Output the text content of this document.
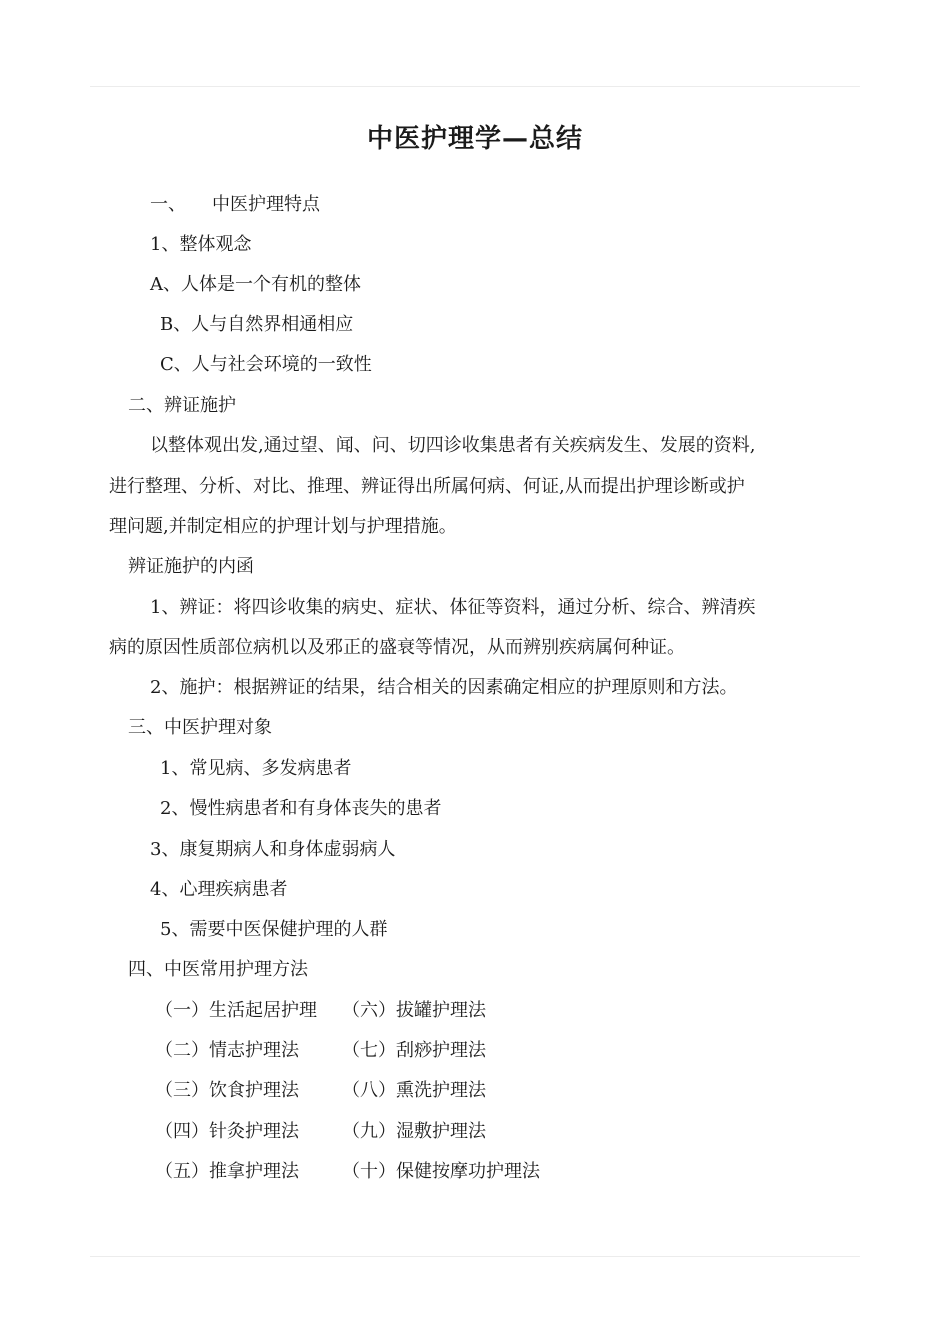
中医护理学—总结
一、 中医护理特点
1、整体观念
A、人体是一个有机的整体
B、人与自然界相通相应
C、人与社会环境的一致性
二、辨证施护
以整体观出发,通过望、闻、问、切四诊收集患者有关疾病发生、发展的资料,
进行整理、分析、对比、推理、辨证得出所属何病、何证,从而提出护理诊断或护
理问题,并制定相应的护理计划与护理措施。
辨证施护的内函
1、辨证：将四诊收集的病史、症状、体征等资料，通过分析、综合、辨清疾
病的原因性质部位病机以及邪正的盛衰等情况，从而辨别疾病属何种证。
2、施护：根据辨证的结果，结合相关的因素确定相应的护理原则和方法。
三、中医护理对象
1、常见病、多发病患者
2、慢性病患者和有身体丧失的患者
3、康复期病人和身体虚弱病人
4、心理疾病患者
5、需要中医保健护理的人群
四、中医常用护理方法
（一）生活起居护理 （六）拔罐护理法
（二）情志护理法 （七）刮痧护理法
（三）饮食护理法 （八）熏洗护理法
（四）针灸护理法 （九）湿敷护理法
（五）推拿护理法 （十）保健按摩功护理法
